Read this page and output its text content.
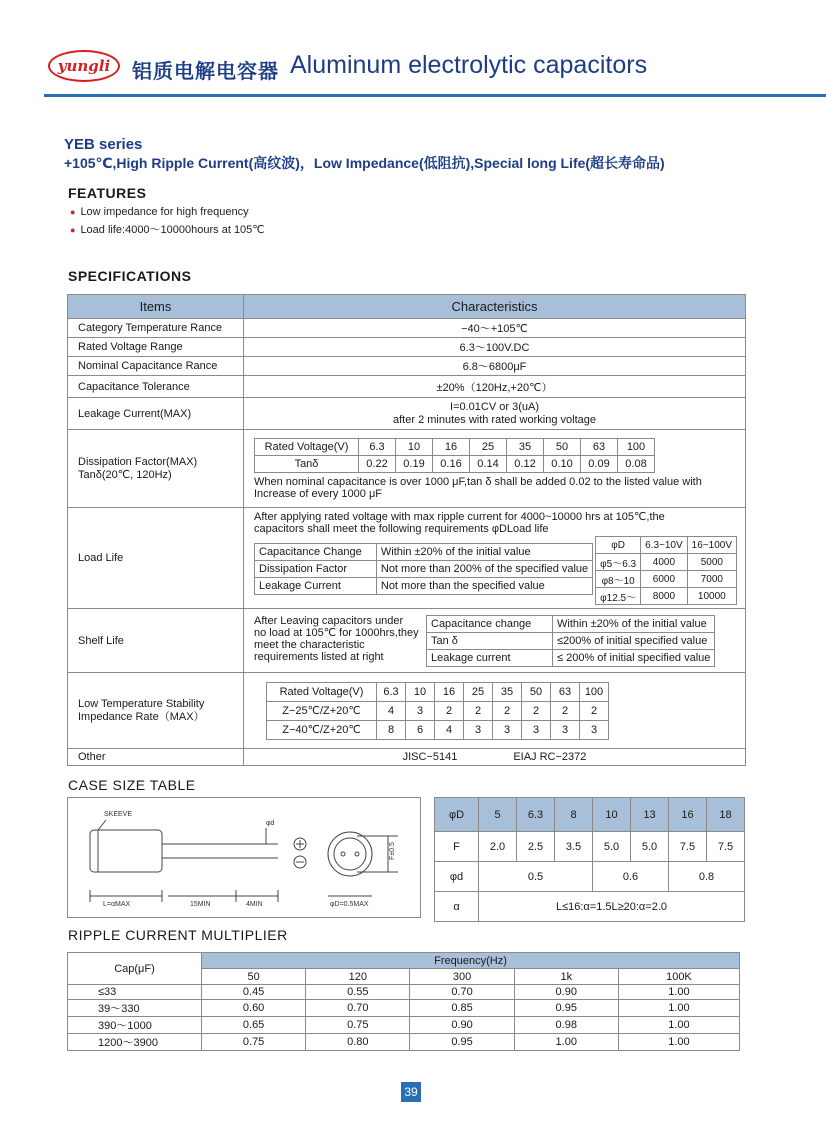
yungli 铝质电解电容器 Aluminum electrolytic capacitors
YEB series
+105℃,High Ripple Current(高纹波)，Low Impedance(低阻抗),Special long Life(超长寿命品)
FEATURES
● Low impedance for high frequency
● Load life:4000～10000hours at 105℃
SPECIFICATIONS
Items	Characteristics
Category Temperature Rance	−40～+105℃
Rated Voltage Range	6.3～100V.DC
Nominal Capacitance Rance	6.8～6800μF
Capacitance Tolerance	±20%（120Hz,+20℃）
Leakage Current(MAX)	
I=0.01CV or 3(uA)
after 2 minutes with rated working voltage

Dissipation Factor(MAX)
Tanδ(20℃, 120Hz)

Rated Voltage(V)	6.3	10	16	25	35	50	63	100
Tanδ	0.22	0.19	0.16	0.14	0.12	0.10	0.09	0.08
When nominal capacitance is over 1000 μF,tan δ shall be added 0.02 to the listed value with
Increase of every 1000 μF

Load Life	
After applying rated voltage with max ripple current for 4000~10000 hrs at 105℃,the
capacitors shall meet the following requirements φDLoad life
Capacitance Change	Within ±20% of the initial value
Dissipation Factor	Not more than 200% of the specified value
Leakage Current	Not more than the specified value
φD	6.3~10V	16~100V
φ5～6.3	4000	5000
φ8～10	6000	7000
φ12.5～	8000	10000

Shelf Life	
After Leaving capacitors under
no load at 105℃ for 1000hrs,they
meet the characteristic
requirements listed at right
Capacitance change	Within ±20% of the initial value
Tan δ	≤200% of initial specified value
Leakage current	≤ 200% of initial specified value

Low Temperature Stability
Impedance Rate（MAX）

Rated Voltage(V)	6.3	10	16	25	35	50	63	100
Z−25℃/Z+20℃	4	3	2	2	2	2	2	2
Z−40℃/Z+20℃	8	6	4	3	3	3	3	3

Other	JISC−5141	EIAJ RC−2372
CASE SIZE TABLE
SKEEVE
φd
L=αMAX	15MIN	4MIN	φD=0.5MAX
F±0.5
φD	5	6.3	8	10	13	16	18
F	2.0	2.5	3.5	5.0	5.0	7.5	7.5
φd	0.5			0.6		0.8	
α	L≤16:α=1.5L≥20:α=2.0						
RIPPLE CURRENT MULTIPLIER
Cap(μF)	Frequency(Hz)				
	50	120	300	1k	100K
≤33	0.45	0.55	0.70	0.90	1.00
39～330	0.60	0.70	0.85	0.95	1.00
390～1000	0.65	0.75	0.90	0.98	1.00
1200～3900	0.75	0.80	0.95	1.00	1.00
39
